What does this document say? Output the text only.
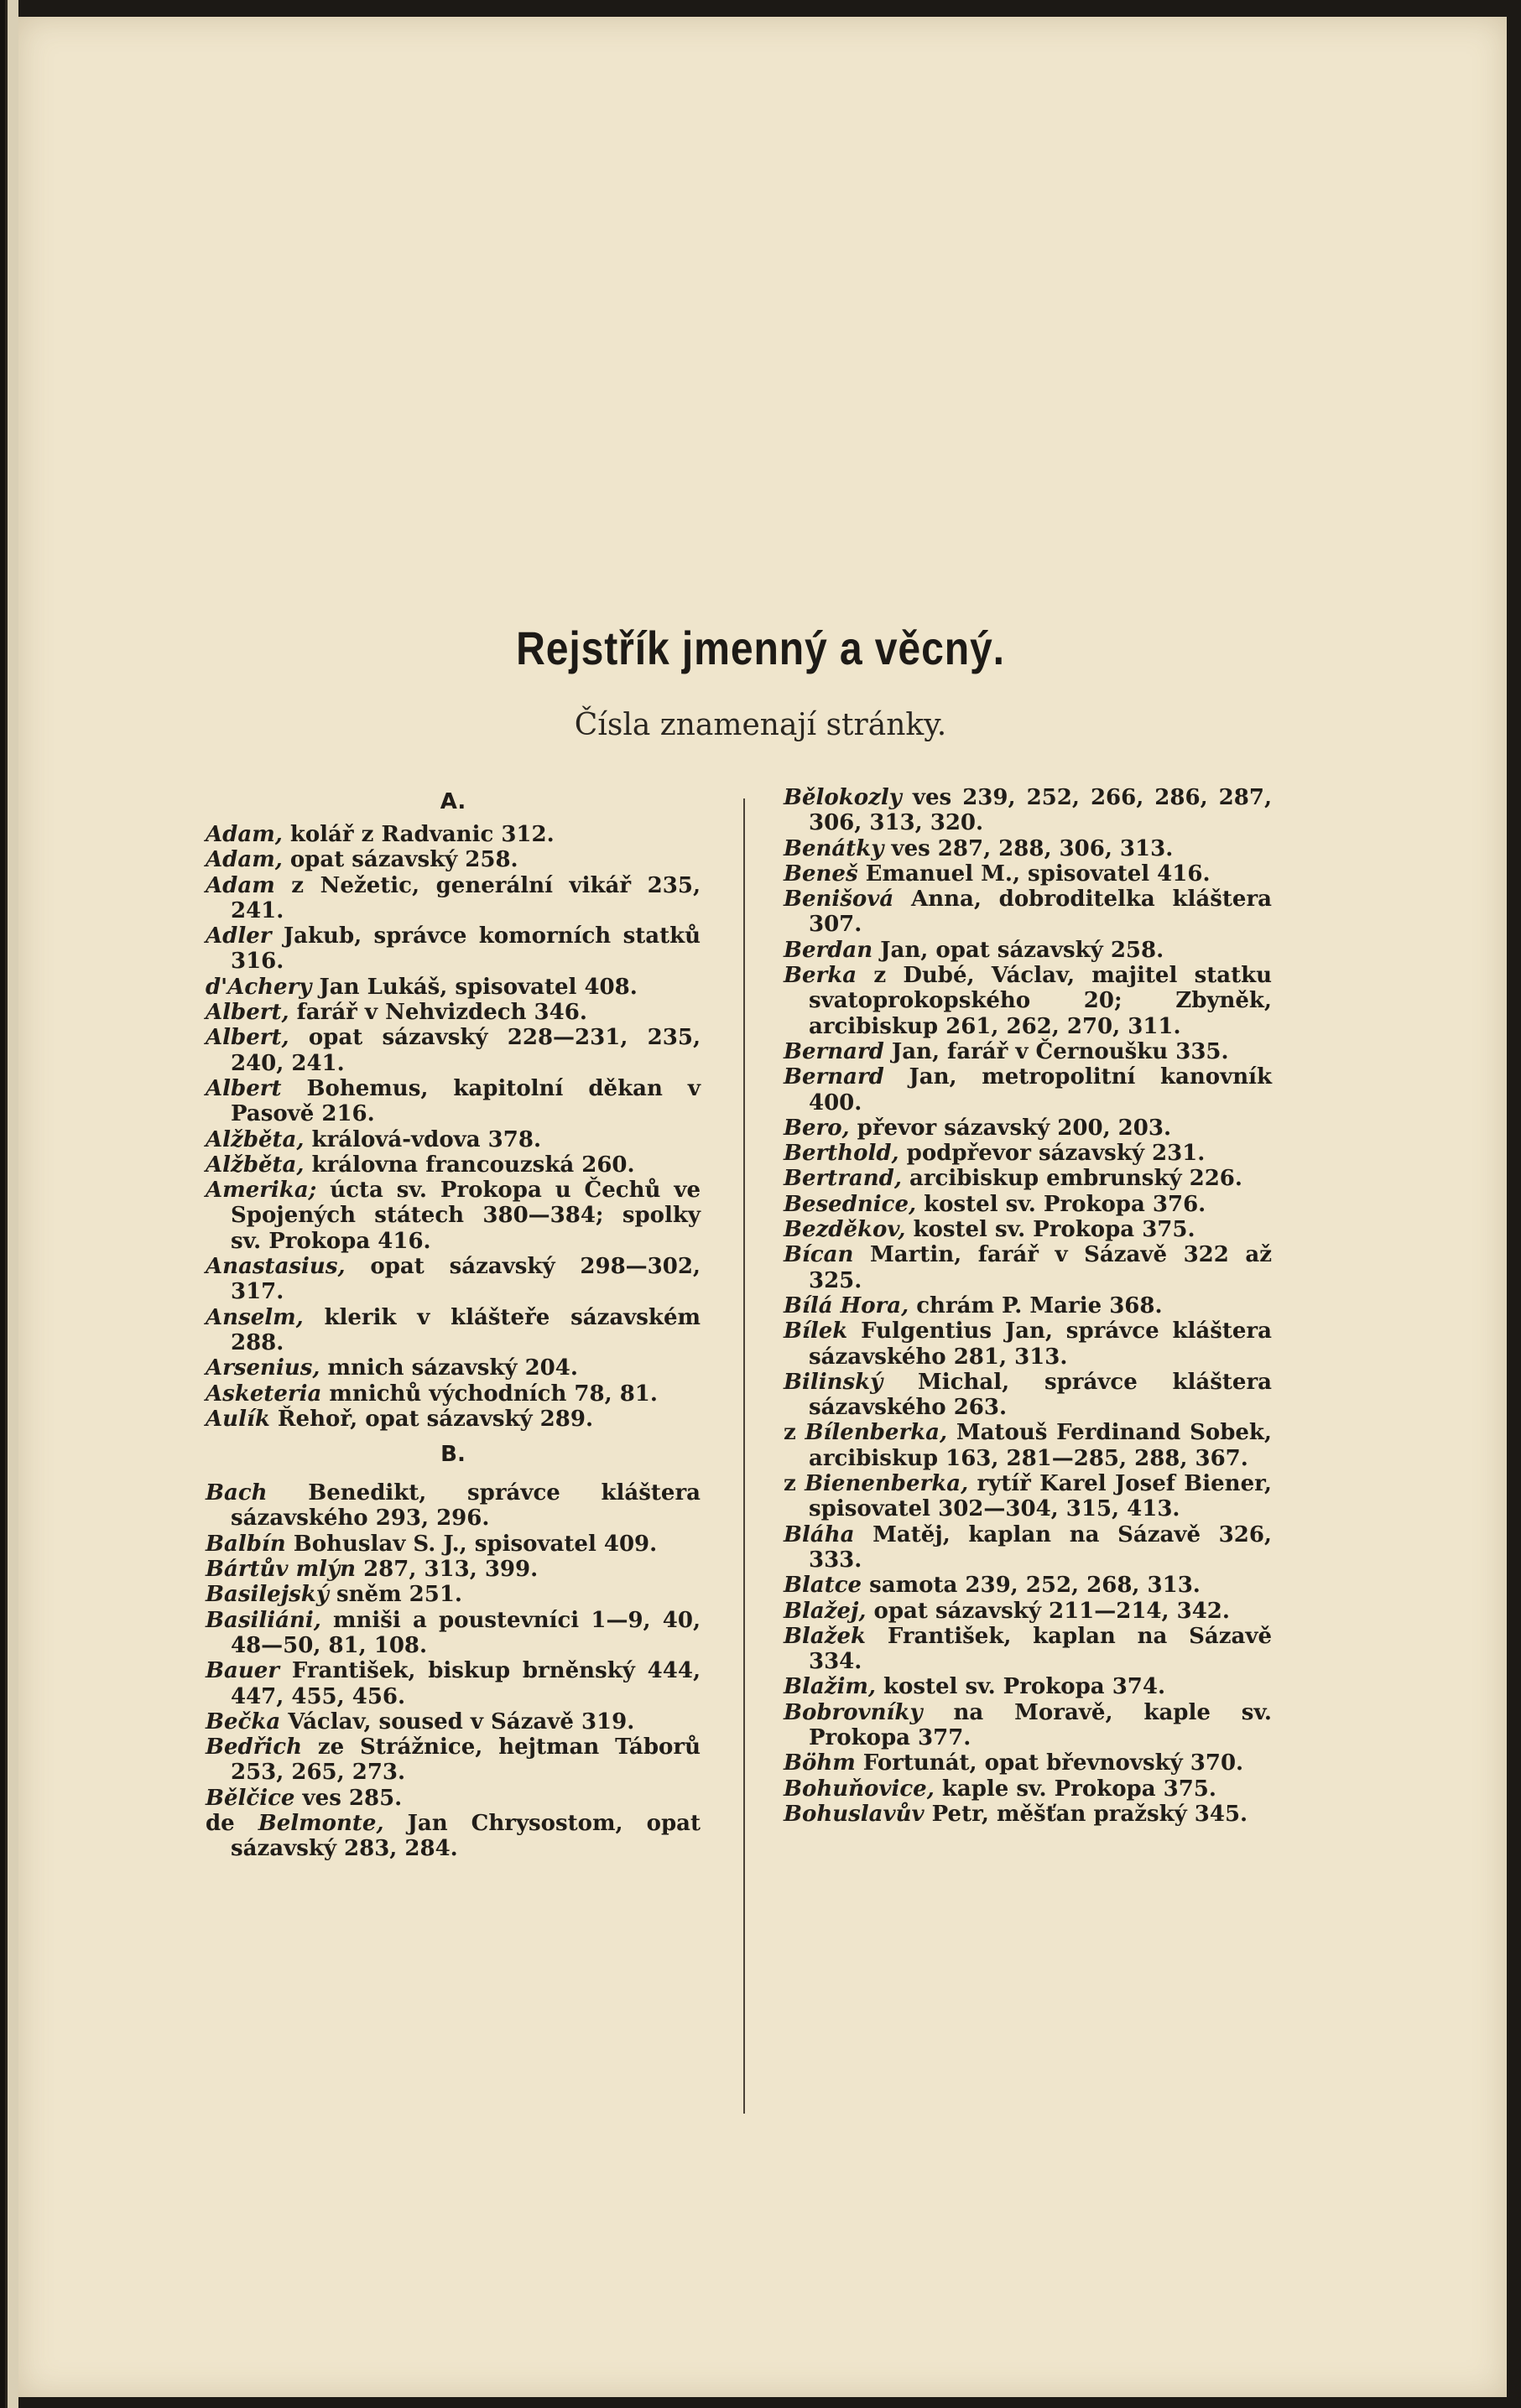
Rejstřík jmenný a věcný.
Čísla znamenají stránky.
A.
Adam, kolář z Radvanic 312.
Adam, opat sázavský 258.
Adam z Nežetic, generální vikář 235, 241.
Adler Jakub, správce komorních statků 316.
d'Achery Jan Lukáš, spisovatel 408.
Albert, farář v Nehvizdech 346.
Albert, opat sázavský 228—231, 235, 240, 241.
Albert Bohemus, kapitolní děkan v Pasově 216.
Alžběta, králová-vdova 378.
Alžběta, královna francouzská 260.
Amerika; úcta sv. Prokopa u Čechů ve Spojených státech 380—384; spolky sv. Prokopa 416.
Anastasius, opat sázavský 298—302, 317.
Anselm, klerik v klášteře sázavském 288.
Arsenius, mnich sázavský 204.
Asketeria mnichů východních 78, 81.
Aulík Řehoř, opat sázavský 289.
B.
Bach Benedikt, správce kláštera sázavského 293, 296.
Balbín Bohuslav S. J., spisovatel 409.
Bártův mlýn 287, 313, 399.
Basilejský sněm 251.
Basiliáni, mniši a poustevníci 1—9, 40, 48—50, 81, 108.
Bauer František, biskup brněnský 444, 447, 455, 456.
Bečka Václav, soused v Sázavě 319.
Bedřich ze Strážnice, hejtman Táborů 253, 265, 273.
Bělčice ves 285.
de Belmonte, Jan Chrysostom, opat sázavský 283, 284.
Bělokozly ves 239, 252, 266, 286, 287, 306, 313, 320.
Benátky ves 287, 288, 306, 313.
Beneš Emanuel M., spisovatel 416.
Benišová Anna, dobroditelka kláštera 307.
Berdan Jan, opat sázavský 258.
Berka z Dubé, Václav, majitel statku svatoprokopského 20; Zbyněk, arcibiskup 261, 262, 270, 311.
Bernard Jan, farář v Černoušku 335.
Bernard Jan, metropolitní kanovník 400.
Bero, převor sázavský 200, 203.
Berthold, podpřevor sázavský 231.
Bertrand, arcibiskup embrunský 226.
Besednice, kostel sv. Prokopa 376.
Bezděkov, kostel sv. Prokopa 375.
Bícan Martin, farář v Sázavě 322 až 325.
Bílá Hora, chrám P. Marie 368.
Bílek Fulgentius Jan, správce kláštera sázavského 281, 313.
Bilinský Michal, správce kláštera sázavského 263.
z Bílenberka, Matouš Ferdinand Sobek, arcibiskup 163, 281—285, 288, 367.
z Bienenberka, rytíř Karel Josef Biener, spisovatel 302—304, 315, 413.
Bláha Matěj, kaplan na Sázavě 326, 333.
Blatce samota 239, 252, 268, 313.
Blažej, opat sázavský 211—214, 342.
Blažek František, kaplan na Sázavě 334.
Blažim, kostel sv. Prokopa 374.
Bobrovníky na Moravě, kaple sv. Prokopa 377.
Böhm Fortunát, opat břevnovský 370.
Bohuňovice, kaple sv. Prokopa 375.
Bohuslavův Petr, měšťan pražský 345.
